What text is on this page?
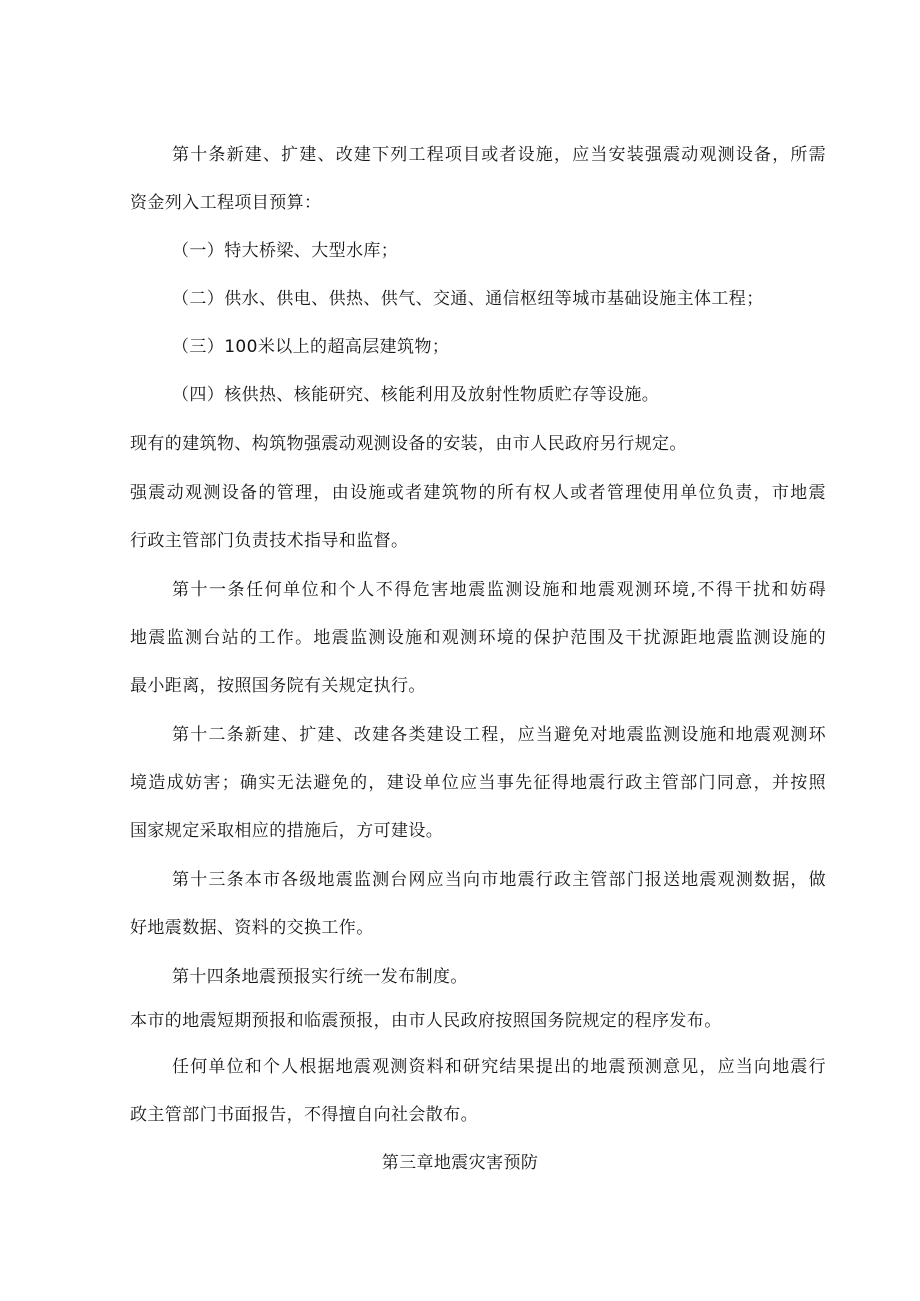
第十条新建、扩建、改建下列工程项目或者设施，应当安装强震动观测设备，所需

资金列入工程项目预算：

（一）特大桥梁、大型水库；

（二）供水、供电、供热、供气、交通、通信枢纽等城市基础设施主体工程；

（三）100米以上的超高层建筑物；

（四）核供热、核能研究、核能利用及放射性物质贮存等设施。

现有的建筑物、构筑物强震动观测设备的安装，由市人民政府另行规定。

强震动观测设备的管理，由设施或者建筑物的所有权人或者管理使用单位负责，市地震

行政主管部门负责技术指导和监督。

第十一条任何单位和个人不得危害地震监测设施和地震观测环境,不得干扰和妨碍

地震监测台站的工作。地震监测设施和观测环境的保护范围及干扰源距地震监测设施的

最小距离，按照国务院有关规定执行。

第十二条新建、扩建、改建各类建设工程，应当避免对地震监测设施和地震观测环

境造成妨害；确实无法避免的，建设单位应当事先征得地震行政主管部门同意，并按照

国家规定采取相应的措施后，方可建设。

第十三条本市各级地震监测台网应当向市地震行政主管部门报送地震观测数据，做

好地震数据、资料的交换工作。

第十四条地震预报实行统一发布制度。

本市的地震短期预报和临震预报，由市人民政府按照国务院规定的程序发布。

任何单位和个人根据地震观测资料和研究结果提出的地震预测意见，应当向地震行

政主管部门书面报告，不得擅自向社会散布。

第三章地震灾害预防
